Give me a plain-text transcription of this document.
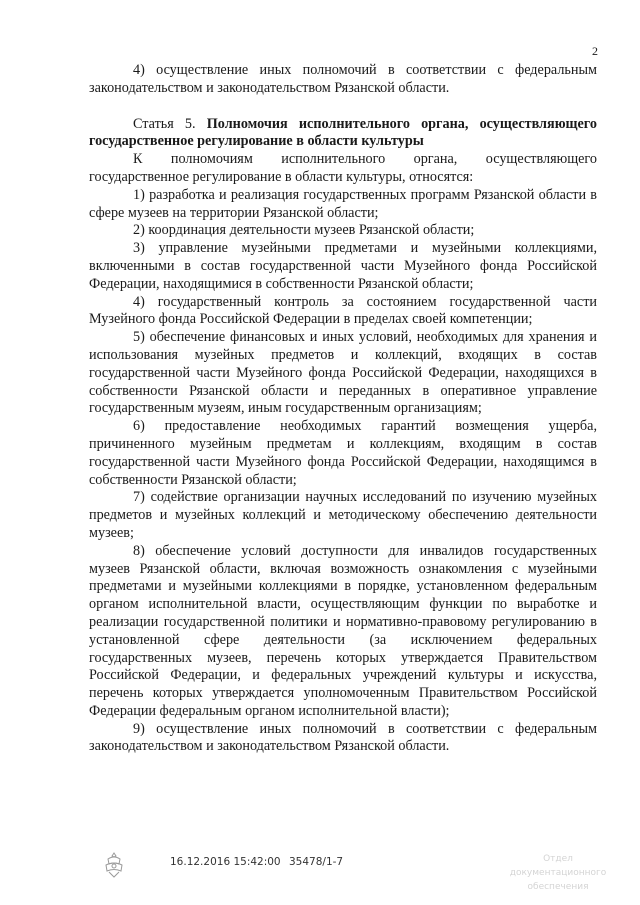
2

4) осуществление иных полномочий в соответствии с федеральным законодательством и законодательством Рязанской области.

Статья 5. Полномочия исполнительного органа, осуществляющего государственное регулирование в области культуры

К полномочиям исполнительного органа, осуществляющего государственное регулирование в области культуры, относятся:

1) разработка и реализация государственных программ Рязанской области в сфере музеев на территории Рязанской области;

2) координация деятельности музеев Рязанской области;

3) управление музейными предметами и музейными коллекциями, включенными в состав государственной части Музейного фонда Российской Федерации, находящимися в собственности Рязанской области;

4) государственный контроль за состоянием государственной части Музейного фонда Российской Федерации в пределах своей компетенции;

5) обеспечение финансовых и иных условий, необходимых для хранения и использования музейных предметов и коллекций, входящих в состав государственной части Музейного фонда Российской Федерации, находящихся в собственности Рязанской области и переданных в оперативное управление государственным музеям, иным государственным организациям;

6) предоставление необходимых гарантий возмещения ущерба, причиненного музейным предметам и коллекциям, входящим в состав государственной части Музейного фонда Российской Федерации, находящимся в собственности Рязанской области;

7) содействие организации научных исследований по изучению музейных предметов и музейных коллекций и методическому обеспечению деятельности музеев;

8) обеспечение условий доступности для инвалидов государственных музеев Рязанской области, включая возможность ознакомления с музейными предметами и музейными коллекциями в порядке, установленном федеральным органом исполнительной власти, осуществляющим функции по выработке и реализации государственной политики и нормативно-правовому регулированию в установленной сфере деятельности (за исключением федеральных государственных музеев, перечень которых утверждается Правительством Российской Федерации, и федеральных учреждений культуры и искусства, перечень которых утверждается уполномоченным Правительством Российской Федерации федеральным органом исполнительной власти);

9) осуществление иных полномочий в соответствии с федеральным законодательством и законодательством Рязанской области.

16.12.2016 15:42:00 35478/1-7	Отдел документационного обеспечения
